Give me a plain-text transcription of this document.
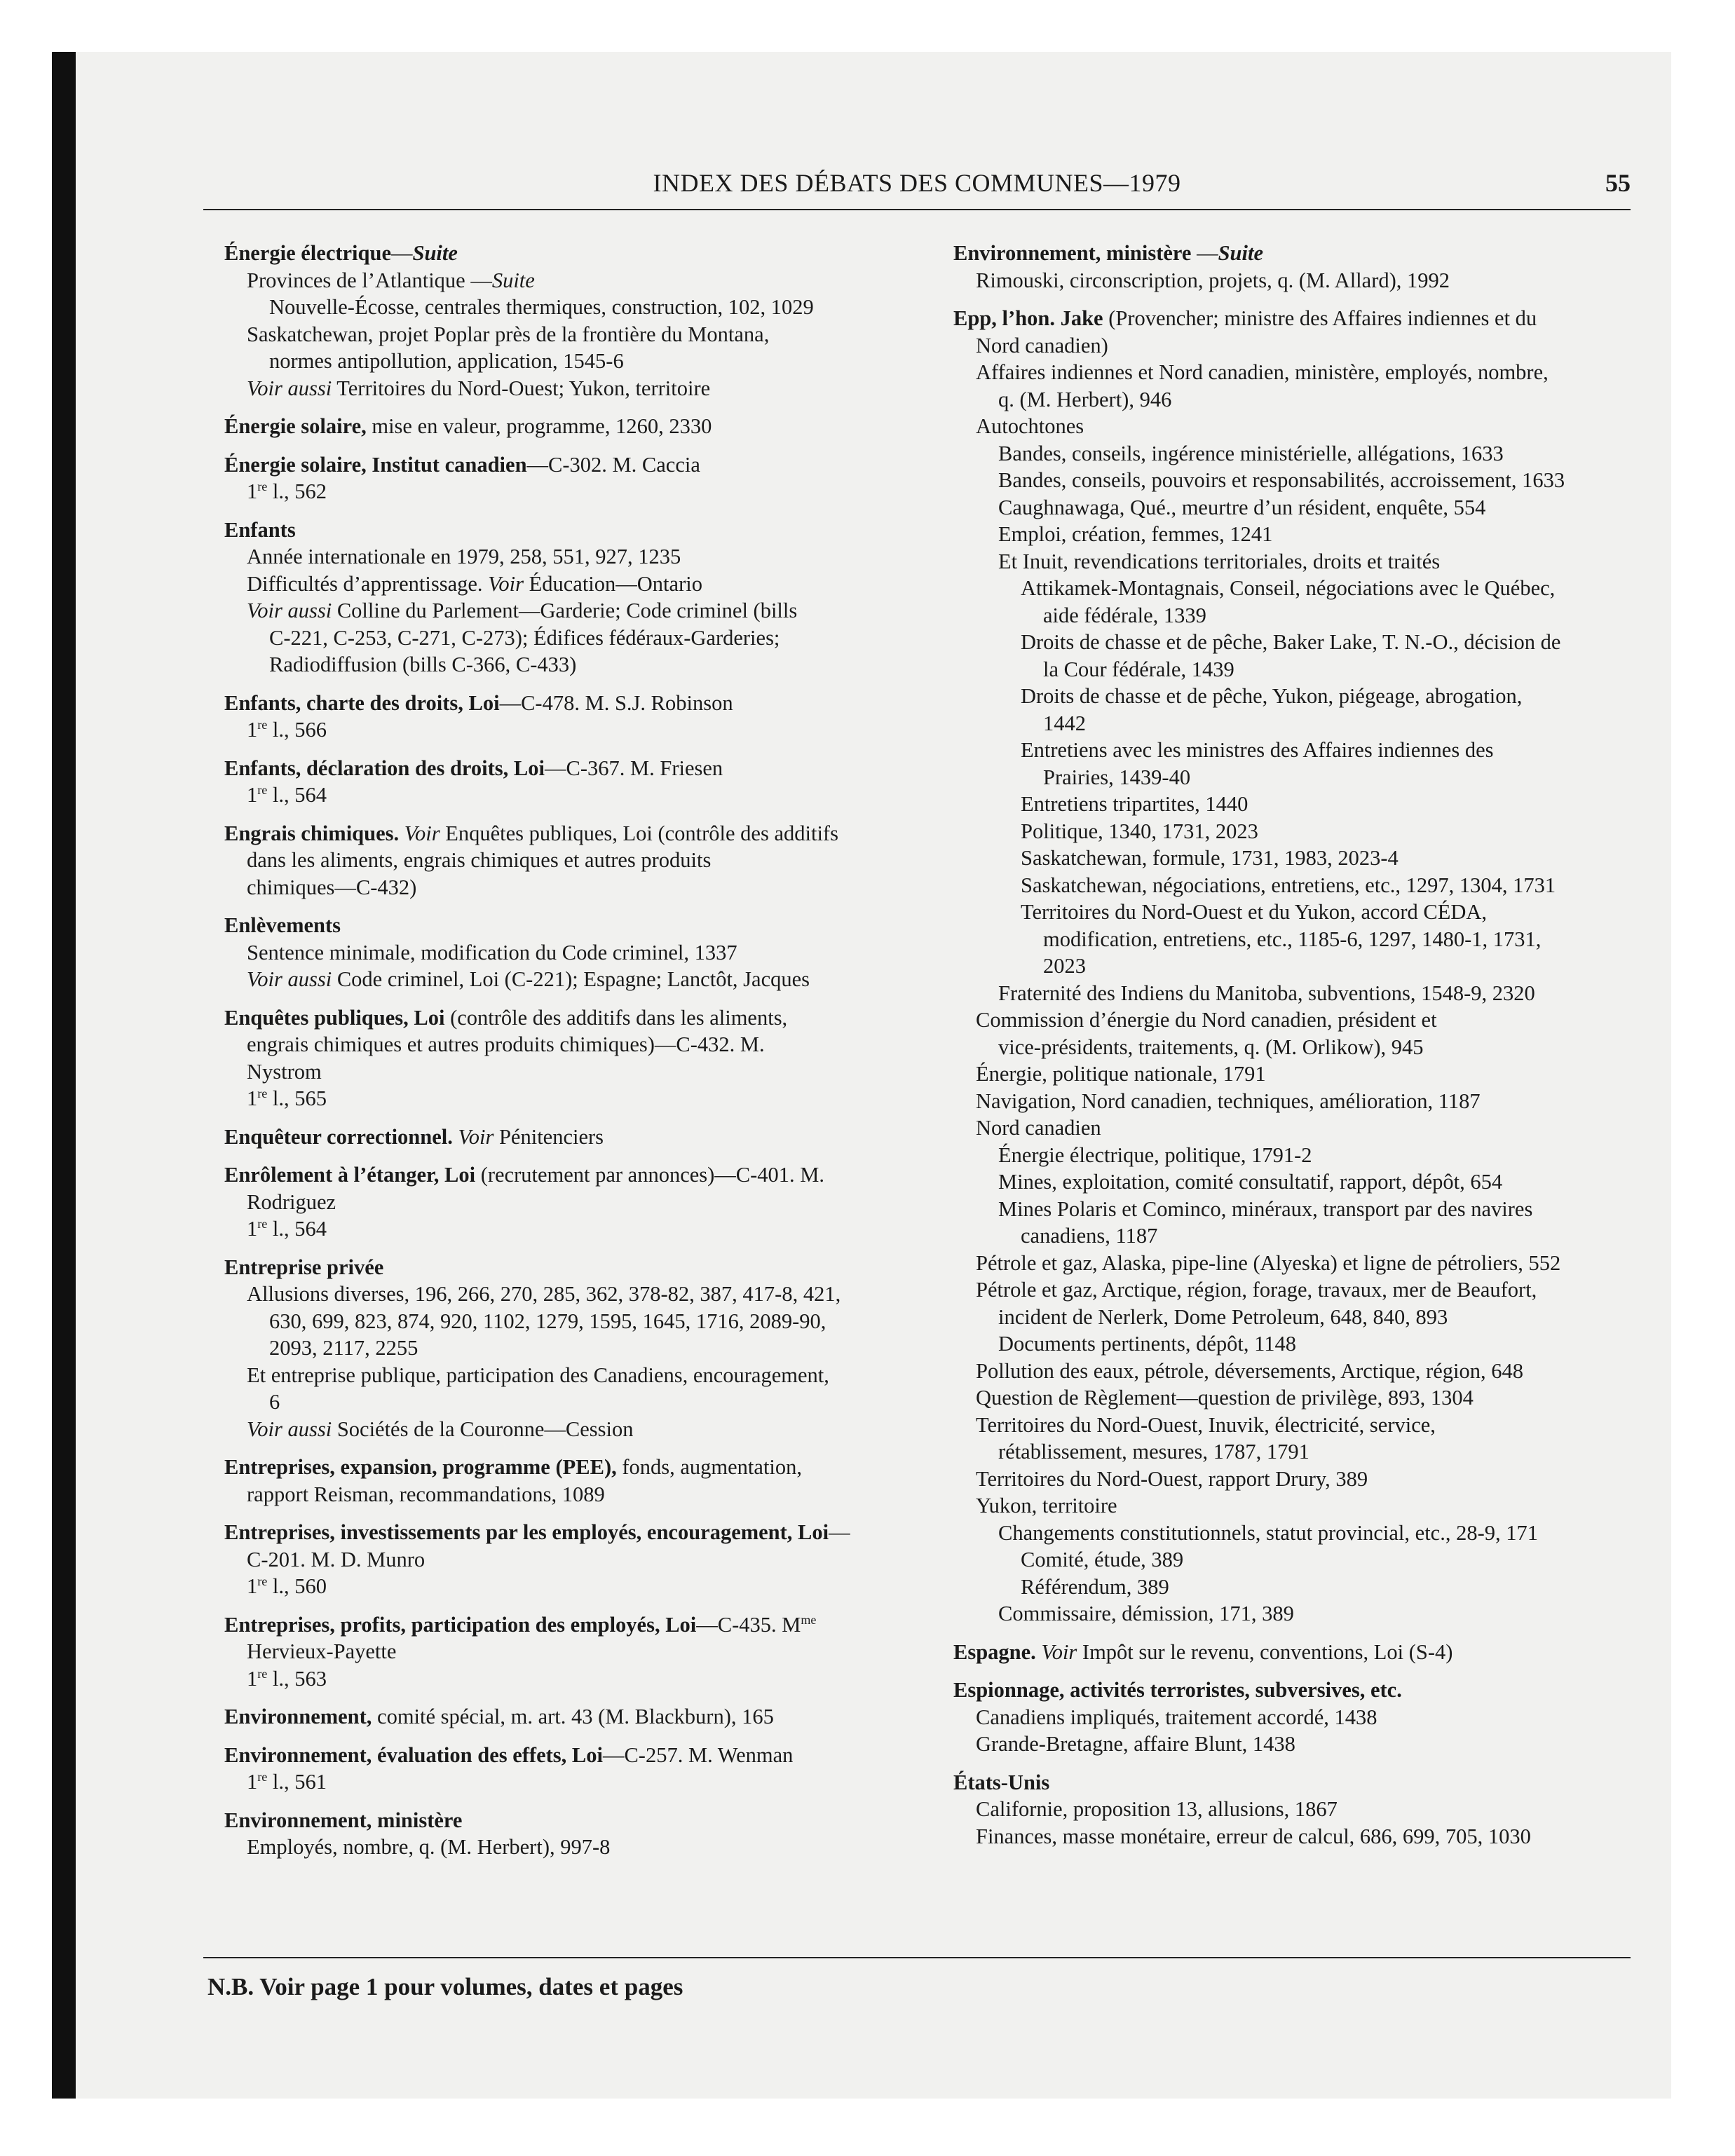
INDEX DES DÉBATS DES COMMUNES—1979	55
Énergie électrique—Suite
Provinces de l’Atlantique —Suite
Nouvelle-Écosse, centrales thermiques, construction, 102, 1029
Saskatchewan, projet Poplar près de la frontière du Montana,
normes antipollution, application, 1545-6
Voir aussi Territoires du Nord-Ouest; Yukon, territoire
Énergie solaire, mise en valeur, programme, 1260, 2330
Énergie solaire, Institut canadien—C-302. M. Caccia
1re l., 562
Enfants
Année internationale en 1979, 258, 551, 927, 1235
Difficultés d’apprentissage. Voir Éducation—Ontario
Voir aussi Colline du Parlement—Garderie; Code criminel (bills
C-221, C-253, C-271, C-273); Édifices fédéraux-Garderies;
Radiodiffusion (bills C-366, C-433)
Enfants, charte des droits, Loi—C-478. M. S.J. Robinson
1re l., 566
Enfants, déclaration des droits, Loi—C-367. M. Friesen
1re l., 564
Engrais chimiques. Voir Enquêtes publiques, Loi (contrôle des additifs
dans les aliments, engrais chimiques et autres produits
chimiques—C-432)
Enlèvements
Sentence minimale, modification du Code criminel, 1337
Voir aussi Code criminel, Loi (C-221); Espagne; Lanctôt, Jacques
Enquêtes publiques, Loi (contrôle des additifs dans les aliments,
engrais chimiques et autres produits chimiques)—C-432. M.
Nystrom
1re l., 565
Enquêteur correctionnel. Voir Pénitenciers
Enrôlement à l’étanger, Loi (recrutement par annonces)—C-401. M.
Rodriguez
1re l., 564
Entreprise privée
Allusions diverses, 196, 266, 270, 285, 362, 378-82, 387, 417-8, 421,
630, 699, 823, 874, 920, 1102, 1279, 1595, 1645, 1716, 2089-90,
2093, 2117, 2255
Et entreprise publique, participation des Canadiens, encouragement,
6
Voir aussi Sociétés de la Couronne—Cession
Entreprises, expansion, programme (PEE), fonds, augmentation,
rapport Reisman, recommandations, 1089
Entreprises, investissements par les employés, encouragement, Loi—
C-201. M. D. Munro
1re l., 560
Entreprises, profits, participation des employés, Loi—C-435. $M^{me}$
Hervieux-Payette
1re l., 563
Environnement, comité spécial, m. art. 43 (M. Blackburn), 165
Environnement, évaluation des effets, Loi—C-257. M. Wenman
1re l., 561
Environnement, ministère
Employés, nombre, q. (M. Herbert), 997-8
Environnement, ministère —Suite
Rimouski, circonscription, projets, q. (M. Allard), 1992
Epp, l’hon. Jake (Provencher; ministre des Affaires indiennes et du
Nord canadien)
Affaires indiennes et Nord canadien, ministère, employés, nombre,
q. (M. Herbert), 946
Autochtones
Bandes, conseils, ingérence ministérielle, allégations, 1633
Bandes, conseils, pouvoirs et responsabilités, accroissement, 1633
Caughnawaga, Qué., meurtre d’un résident, enquête, 554
Emploi, création, femmes, 1241
Et Inuit, revendications territoriales, droits et traités
Attikamek-Montagnais, Conseil, négociations avec le Québec,
aide fédérale, 1339
Droits de chasse et de pêche, Baker Lake, T. N.-O., décision de
la Cour fédérale, 1439
Droits de chasse et de pêche, Yukon, piégeage, abrogation,
1442
Entretiens avec les ministres des Affaires indiennes des
Prairies, 1439-40
Entretiens tripartites, 1440
Politique, 1340, 1731, 2023
Saskatchewan, formule, 1731, 1983, 2023-4
Saskatchewan, négociations, entretiens, etc., 1297, 1304, 1731
Territoires du Nord-Ouest et du Yukon, accord CÉDA,
modification, entretiens, etc., 1185-6, 1297, 1480-1, 1731,
2023
Fraternité des Indiens du Manitoba, subventions, 1548-9, 2320
Commission d’énergie du Nord canadien, président et
vice-présidents, traitements, q. (M. Orlikow), 945
Énergie, politique nationale, 1791
Navigation, Nord canadien, techniques, amélioration, 1187
Nord canadien
Énergie électrique, politique, 1791-2
Mines, exploitation, comité consultatif, rapport, dépôt, 654
Mines Polaris et Cominco, minéraux, transport par des navires
canadiens, 1187
Pétrole et gaz, Alaska, pipe-line (Alyeska) et ligne de pétroliers, 552
Pétrole et gaz, Arctique, région, forage, travaux, mer de Beaufort,
incident de Nerlerk, Dome Petroleum, 648, 840, 893
Documents pertinents, dépôt, 1148
Pollution des eaux, pétrole, déversements, Arctique, région, 648
Question de Règlement—question de privilège, 893, 1304
Territoires du Nord-Ouest, Inuvik, électricité, service,
rétablissement, mesures, 1787, 1791
Territoires du Nord-Ouest, rapport Drury, 389
Yukon, territoire
Changements constitutionnels, statut provincial, etc., 28-9, 171
Comité, étude, 389
Référendum, 389
Commissaire, démission, 171, 389
Espagne. Voir Impôt sur le revenu, conventions, Loi (S-4)
Espionnage, activités terroristes, subversives, etc.
Canadiens impliqués, traitement accordé, 1438
Grande-Bretagne, affaire Blunt, 1438
États-Unis
Californie, proposition 13, allusions, 1867
Finances, masse monétaire, erreur de calcul, 686, 699, 705, 1030
N.B. Voir page 1 pour volumes, dates et pages
